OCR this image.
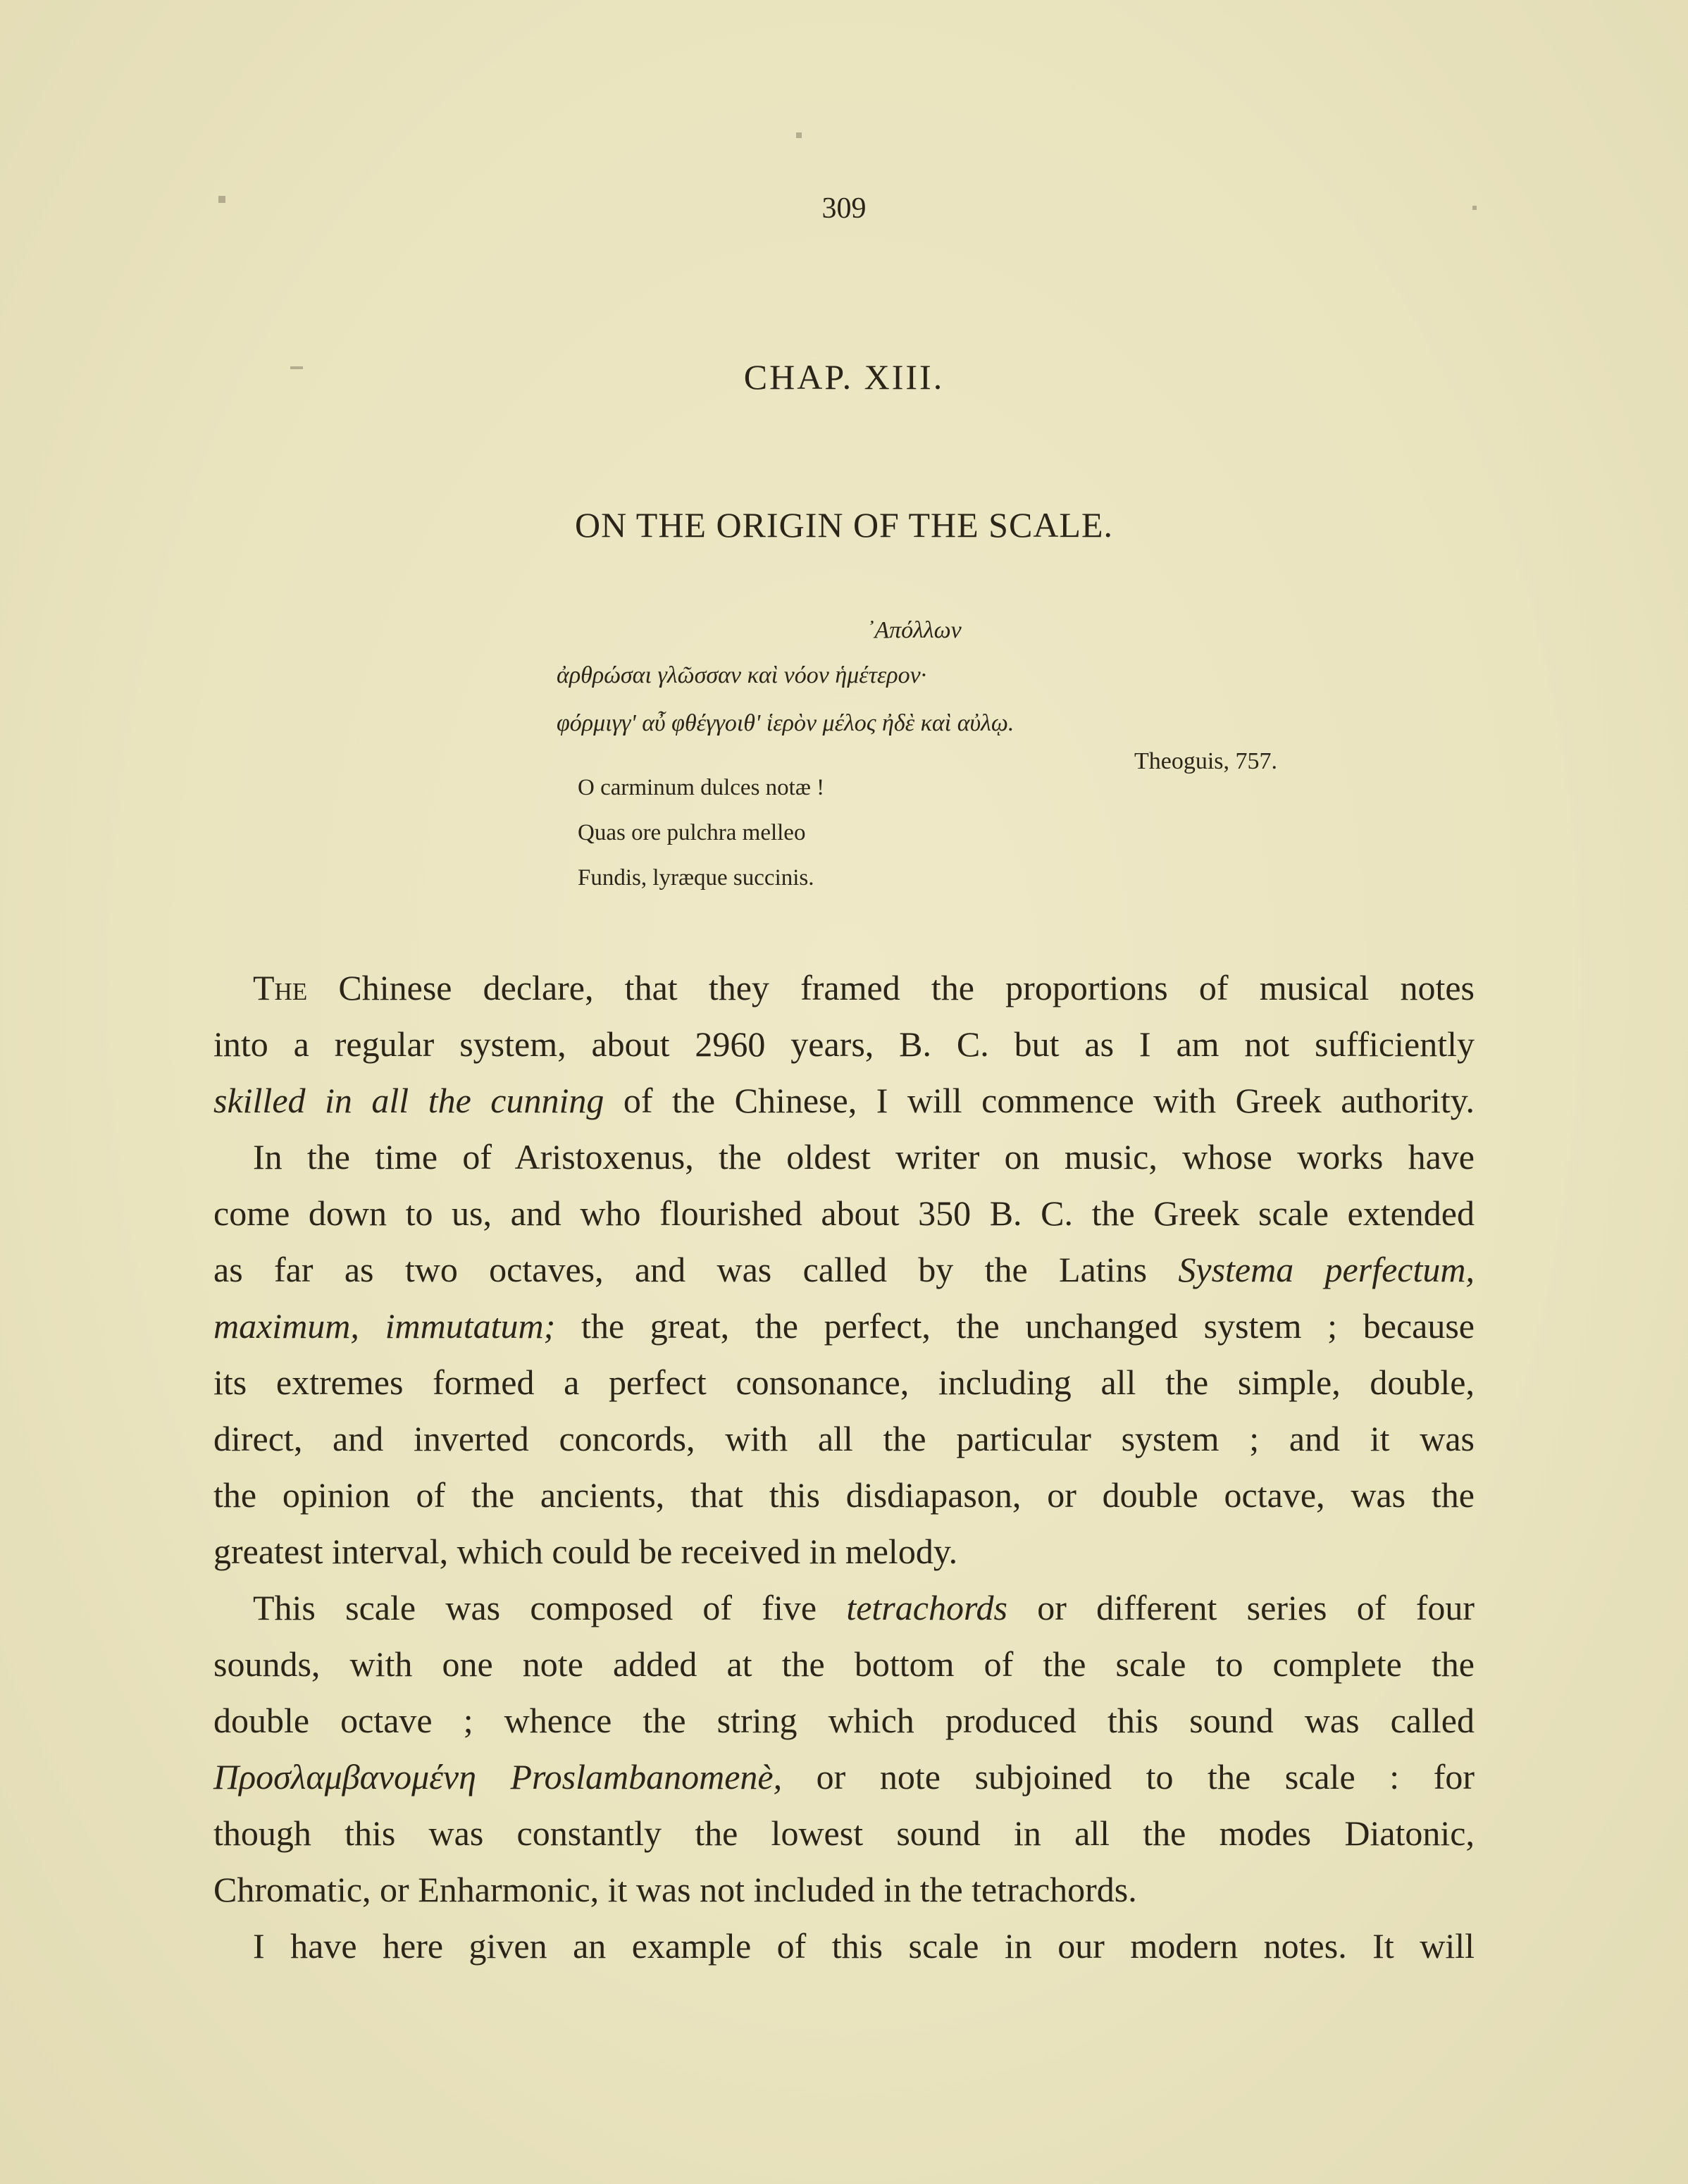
309
CHAP. XIII.
ON THE ORIGIN OF THE SCALE.
᾿Απόλλων
ἀρθρώσαι γλῶσσαν καὶ νόον ἡμέτερον·
φόρμιγγ' αὖ φθέγγοιθ' ἱερὸν μέλος ἠδὲ καὶ αὐλῳ.
Theoguis, 757.
O carminum dulces notæ !
Quas ore pulchra melleo
Fundis, lyræque succinis.
The Chinese declare, that they framed the proportions of musical notes
into a regular system, about 2960 years, B. C. but as I am not sufficiently
skilled in all the cunning of the Chinese, I will commence with Greek authority.
In the time of Aristoxenus, the oldest writer on music, whose works have
come down to us, and who flourished about 350 B. C. the Greek scale extended
as far as two octaves, and was called by the Latins Systema perfectum,
maximum, immutatum; the great, the perfect, the unchanged system ; because
its extremes formed a perfect consonance, including all the simple, double,
direct, and inverted concords, with all the particular system ; and it was
the opinion of the ancients, that this disdiapason, or double octave, was the
greatest interval, which could be received in melody.
This scale was composed of five tetrachords or different series of four
sounds, with one note added at the bottom of the scale to complete the
double octave ; whence the string which produced this sound was called
Προσλαμβανομένη Proslambanomenè, or note subjoined to the scale : for
though this was constantly the lowest sound in all the modes Diatonic,
Chromatic, or Enharmonic, it was not included in the tetrachords.
I have here given an example of this scale in our modern notes. It will
